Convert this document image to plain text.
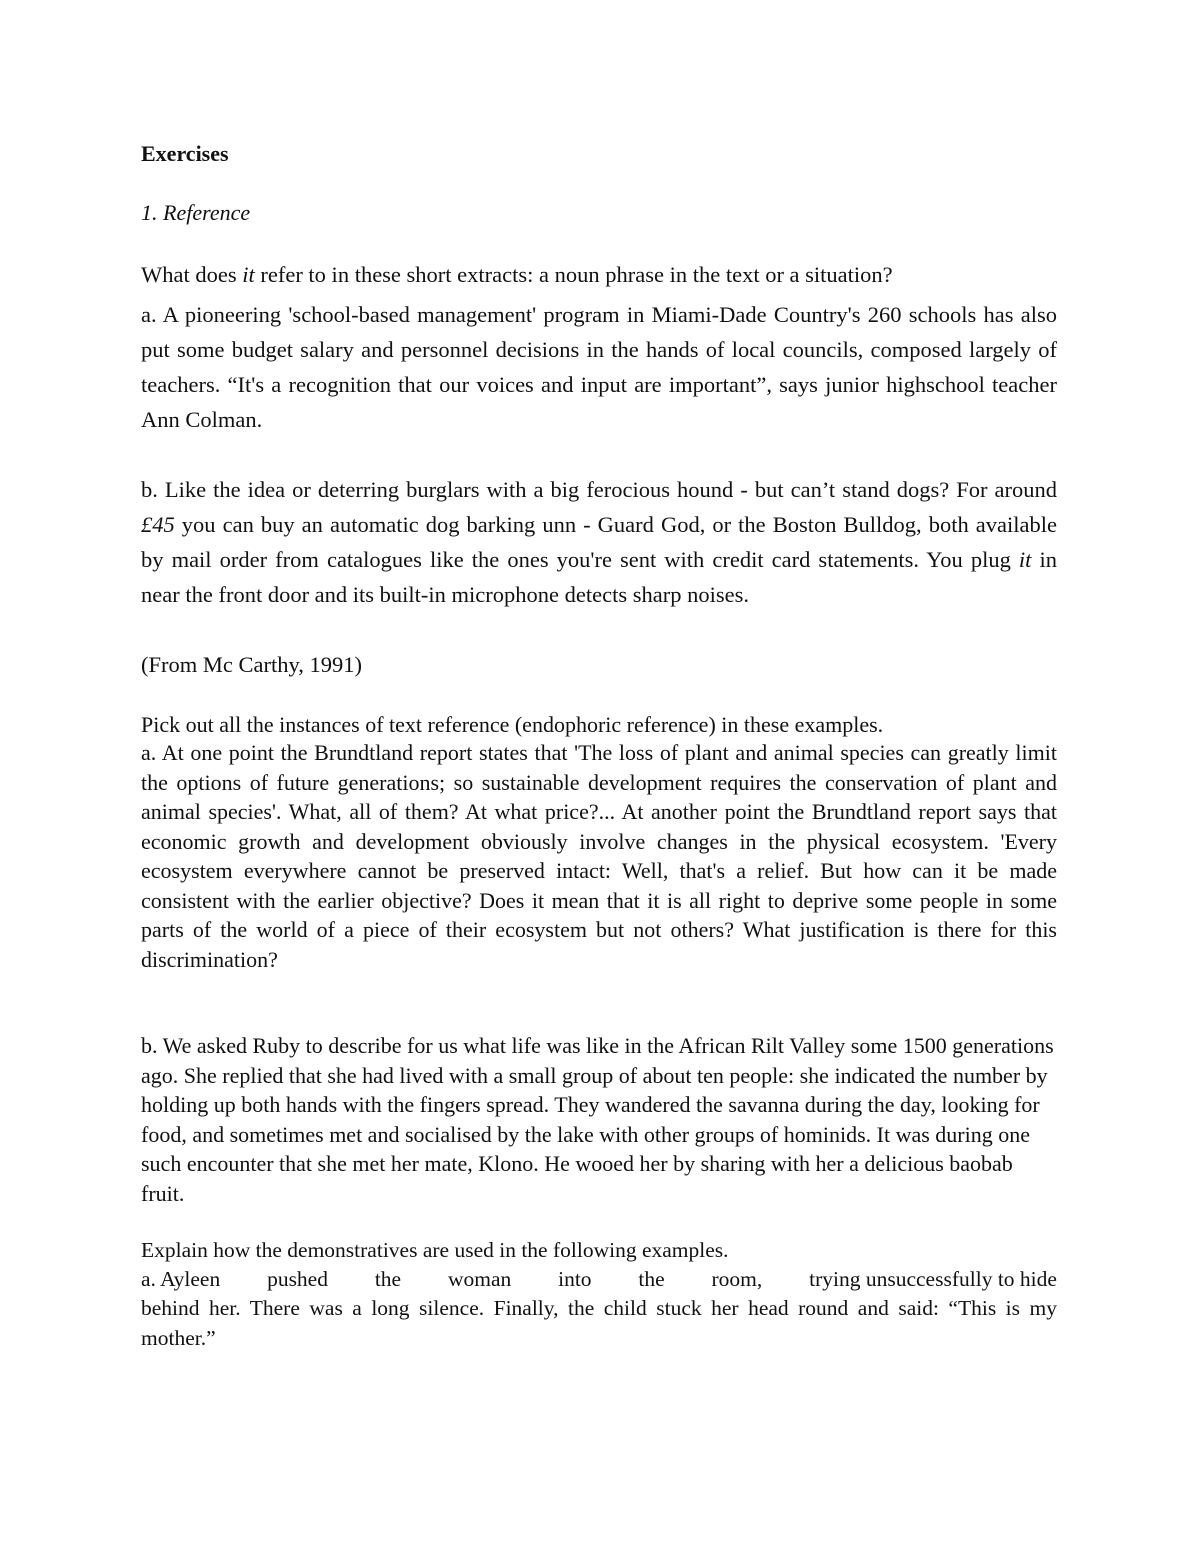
Exercises
1. Reference
What does it refer to in these short extracts: a noun phrase in the text or a situation?

a. A pioneering 'school-based management' program in Miami-Dade Country's 260 schools has also put some budget salary and personnel decisions in the hands of local councils, composed largely of teachers. “It's a recognition that our voices and input are important”, says junior highschool teacher Ann Colman.

b. Like the idea or deterring burglars with a big ferocious hound - but can’t stand dogs? For around £45 you can buy an automatic dog barking unn - Guard God, or the Boston Bulldog, both available by mail order from catalogues like the ones you're sent with credit card statements. You plug it in near the front door and its built-in microphone detects sharp noises.

(From Mc Carthy, 1991)
Pick out all the instances of text reference (endophoric reference) in these examples.

a. At one point the Brundtland report states that 'The loss of plant and animal species can greatly limit the options of future generations; so sustainable development requires the conservation of plant and animal species'. What, all of them? At what price?... At another point the Brundtland report says that economic growth and development obviously involve changes in the physical ecosystem. 'Every ecosystem everywhere cannot be preserved intact: Well, that's a relief. But how can it be made consistent with the earlier objective? Does it mean that it is all right to deprive some people in some parts of the world of a piece of their ecosystem but not others? What justification is there for this discrimination?

b. We asked Ruby to describe for us what life was like in the African Rilt Valley some 1500 generations ago. She replied that she had lived with a small group of about ten people: she indicated the number by holding up both hands with the fingers spread. They wandered the savanna during the day, looking for food, and sometimes met and socialised by the lake with other groups of hominids. It was during one such encounter that she met her mate, Klono. He wooed her by sharing with her a delicious baobab fruit.

Explain how the demonstratives are used in the following examples.
a. Ayleen pushed the woman into the room, trying unsuccessfully to hide

behind her. There was a long silence. Finally, the child stuck her head round and said: “This is my mother.”
